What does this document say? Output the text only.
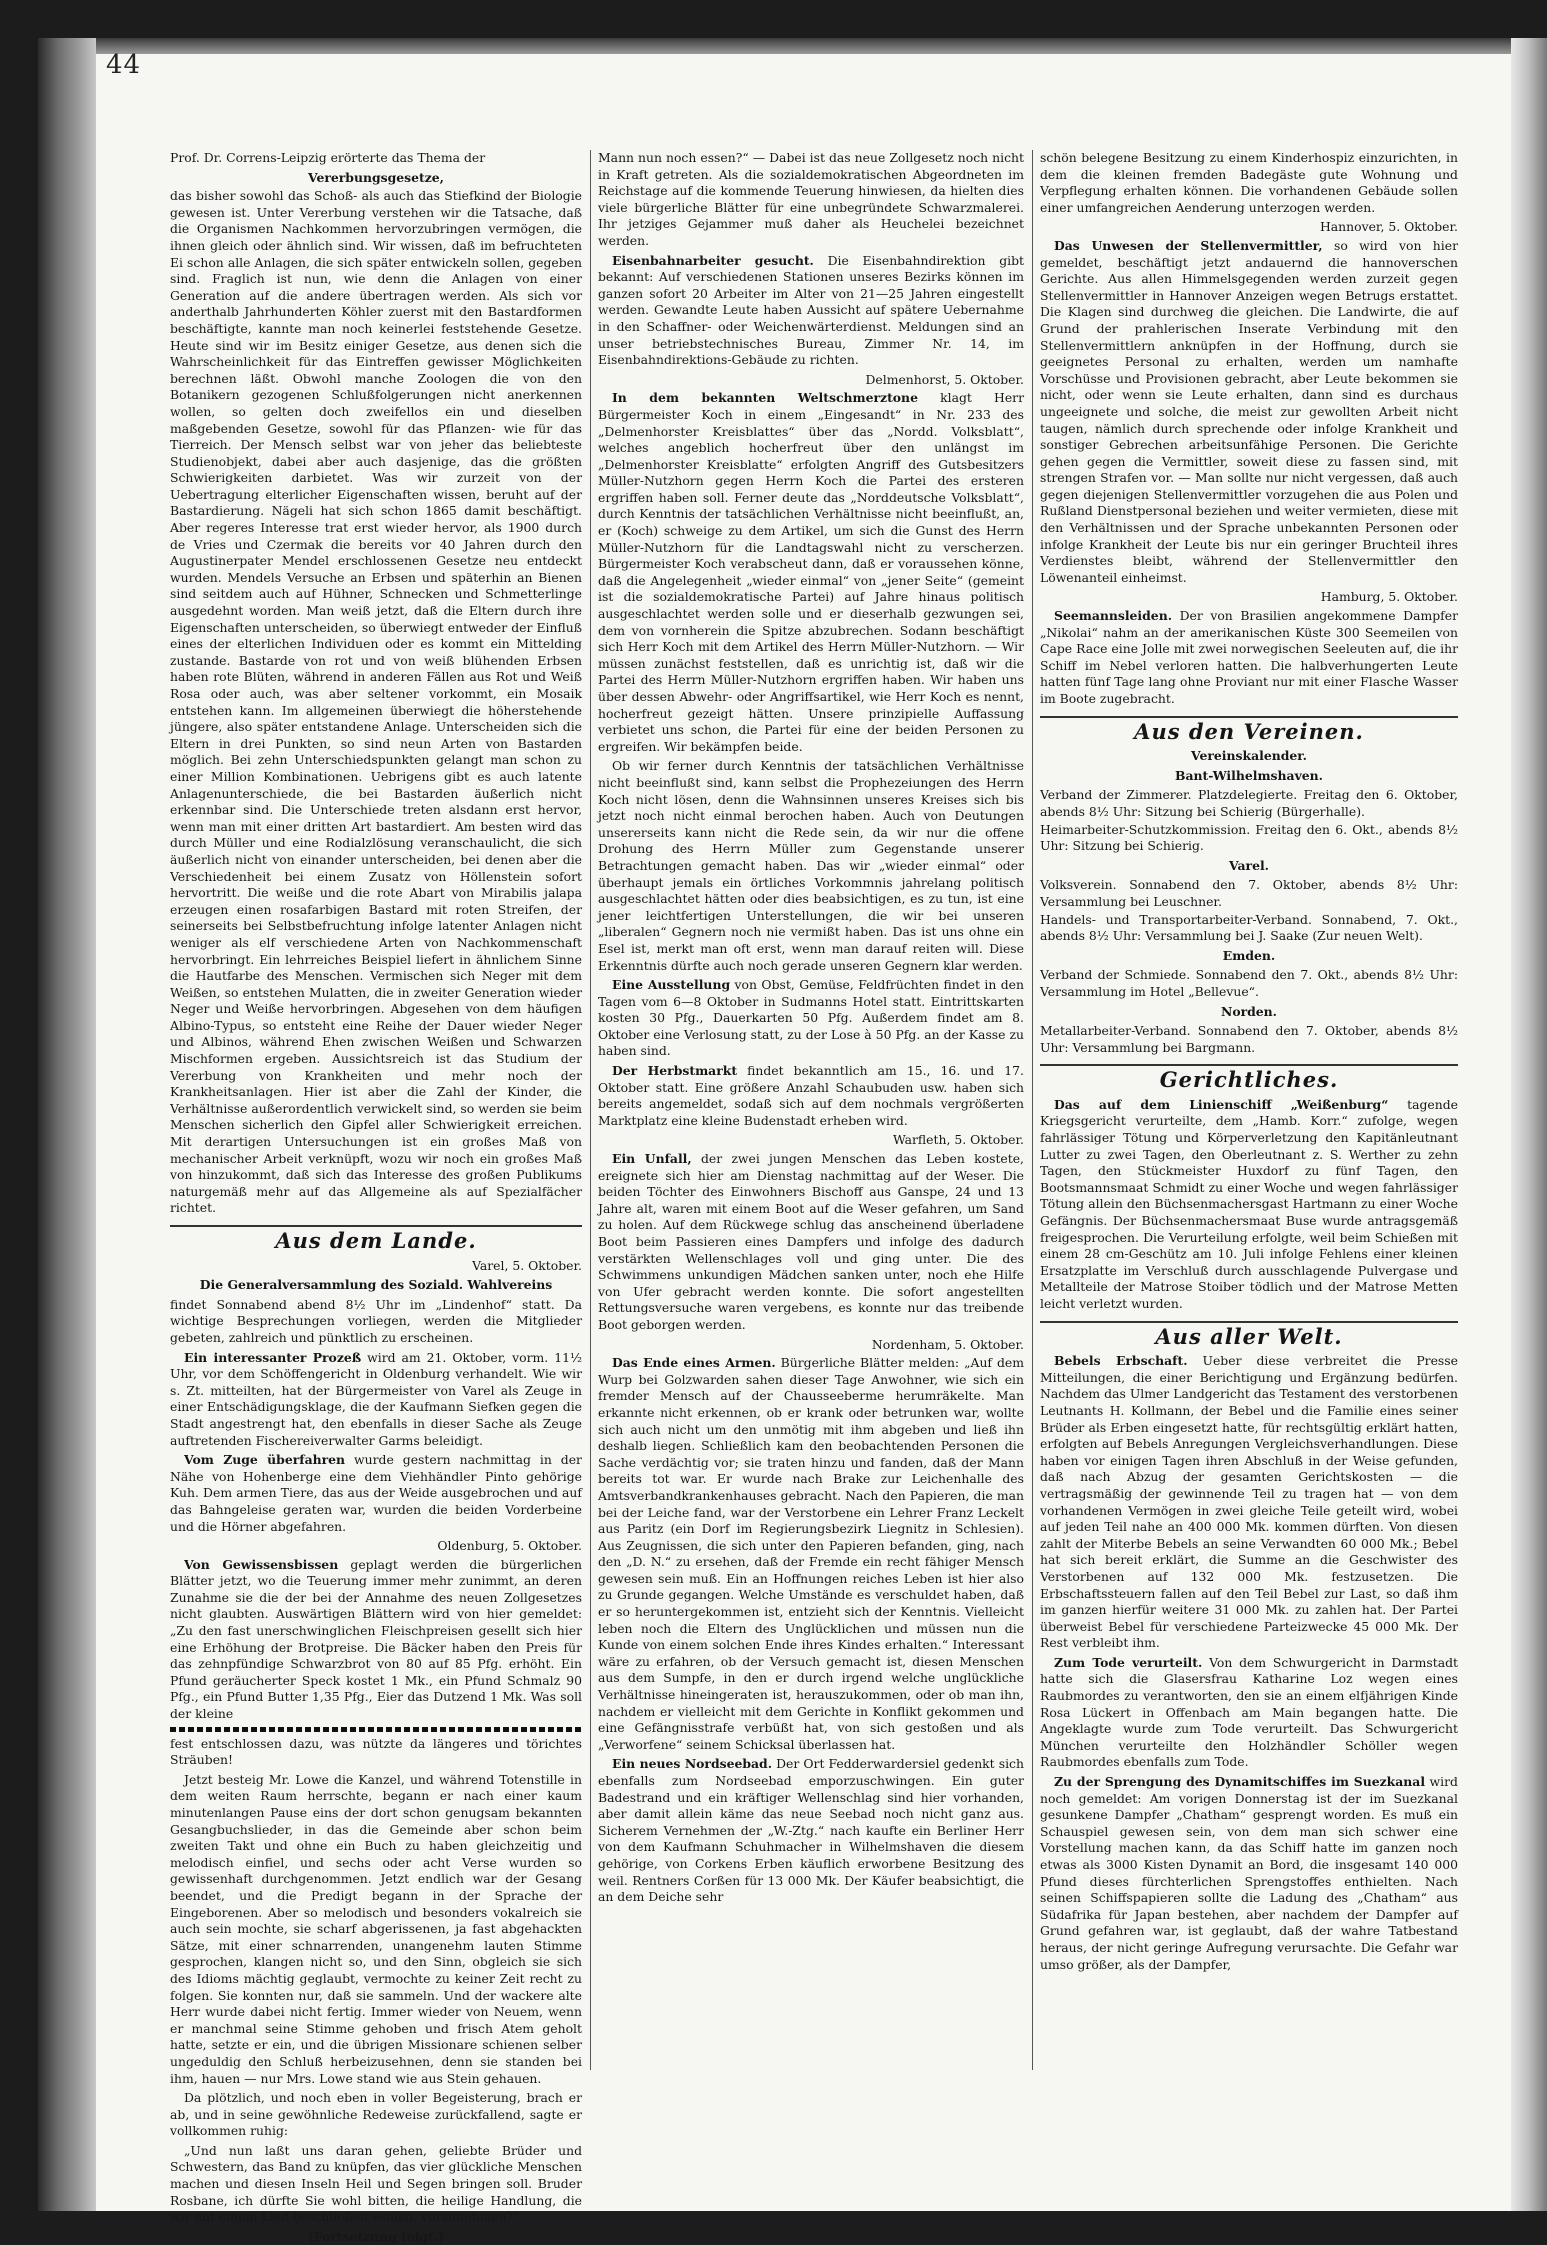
44

Prof. Dr. Correns-Leipzig erörterte das Thema der

Vererbungsgesetze,

das bisher sowohl das Schoß- als auch das Stiefkind der Biologie gewesen ist. Unter Vererbung verstehen wir die Tatsache, daß die Organismen Nachkommen hervorzubringen vermögen, die ihnen gleich oder ähnlich sind. Wir wissen, daß im befruchteten Ei schon alle Anlagen, die sich später entwickeln sollen, gegeben sind. Fraglich ist nun, wie denn die Anlagen von einer Generation auf die andere übertragen werden. Als sich vor anderthalb Jahrhunderten Köhler zuerst mit den Bastardformen beschäftigte, kannte man noch keinerlei feststehende Gesetze. Heute sind wir im Besitz einiger Gesetze, aus denen sich die Wahrscheinlichkeit für das Eintreffen gewisser Möglichkeiten berechnen läßt. Obwohl manche Zoologen die von den Botanikern gezogenen Schlußfolgerungen nicht anerkennen wollen, so gelten doch zweifellos ein und dieselben maßgebenden Gesetze, sowohl für das Pflanzen- wie für das Tierreich. Der Mensch selbst war von jeher das beliebteste Studienobjekt, dabei aber auch dasjenige, das die größten Schwierigkeiten darbietet. Was wir zurzeit von der Uebertragung elterlicher Eigenschaften wissen, beruht auf der Bastardierung. Nägeli hat sich schon 1865 damit beschäftigt. Aber regeres Interesse trat erst wieder hervor, als 1900 durch de Vries und Czermak die bereits vor 40 Jahren durch den Augustinerpater Mendel erschlossenen Gesetze neu entdeckt wurden. Mendels Versuche an Erbsen und späterhin an Bienen sind seitdem auch auf Hühner, Schnecken und Schmetterlinge ausgedehnt worden. Man weiß jetzt, daß die Eltern durch ihre Eigenschaften unterscheiden, so überwiegt entweder der Einfluß eines der elterlichen Individuen oder es kommt ein Mittelding zustande. Bastarde von rot und von weiß blühenden Erbsen haben rote Blüten, während in anderen Fällen aus Rot und Weiß Rosa oder auch, was aber seltener vorkommt, ein Mosaik entstehen kann. Im allgemeinen überwiegt die höherstehende jüngere, also später entstandene Anlage. Unterscheiden sich die Eltern in drei Punkten, so sind neun Arten von Bastarden möglich. Bei zehn Unterschiedspunkten gelangt man schon zu einer Million Kombinationen. Uebrigens gibt es auch latente Anlagenunterschiede, die bei Bastarden äußerlich nicht erkennbar sind. Die Unterschiede treten alsdann erst hervor, wenn man mit einer dritten Art bastardiert. Am besten wird das durch Müller und eine Rodialzlösung veranschaulicht, die sich äußerlich nicht von einander unterscheiden, bei denen aber die Verschiedenheit bei einem Zusatz von Höllenstein sofort hervortritt. Die weiße und die rote Abart von Mirabilis jalapa erzeugen einen rosafarbigen Bastard mit roten Streifen, der seinerseits bei Selbstbefruchtung infolge latenter Anlagen nicht weniger als elf verschiedene Arten von Nachkommenschaft hervorbringt. Ein lehrreiches Beispiel liefert in ähnlichem Sinne die Hautfarbe des Menschen. Vermischen sich Neger mit dem Weißen, so entstehen Mulatten, die in zweiter Generation wieder Neger und Weiße hervorbringen. Abgesehen von dem häufigen Albino-Typus, so entsteht eine Reihe der Dauer wieder Neger und Albinos, während Ehen zwischen Weißen und Schwarzen Mischformen ergeben. Aussichtsreich ist das Studium der Vererbung von Krankheiten und mehr noch der Krankheitsanlagen. Hier ist aber die Zahl der Kinder, die Verhältnisse außerordentlich verwickelt sind, so werden sie beim Menschen sicherlich den Gipfel aller Schwierigkeit erreichen. Mit derartigen Untersuchungen ist ein großes Maß von mechanischer Arbeit verknüpft, wozu wir noch ein großes Maß von hinzukommt, daß sich das Interesse des großen Publikums naturgemäß mehr auf das Allgemeine als auf Spezialfächer richtet.

Aus dem Lande.

Varel, 5. Oktober.

Die Generalversammlung des Soziald. Wahlvereins

findet Sonnabend abend 8½ Uhr im „Lindenhof“ statt. Da wichtige Besprechungen vorliegen, werden die Mitglieder gebeten, zahlreich und pünktlich zu erscheinen.

Ein interessanter Prozeß wird am 21. Oktober, vorm. 11½ Uhr, vor dem Schöffengericht in Oldenburg verhandelt. Wie wir s. Zt. mitteilten, hat der Bürgermeister von Varel als Zeuge in einer Entschädigungsklage, die der Kaufmann Siefken gegen die Stadt angestrengt hat, den ebenfalls in dieser Sache als Zeuge auftretenden Fischereiverwalter Garms beleidigt.

Vom Zuge überfahren wurde gestern nachmittag in der Nähe von Hohenberge eine dem Viehhändler Pinto gehörige Kuh. Dem armen Tiere, das aus der Weide ausgebrochen und auf das Bahngeleise geraten war, wurden die beiden Vorderbeine und die Hörner abgefahren.

Oldenburg, 5. Oktober.

Von Gewissensbissen geplagt werden die bürgerlichen Blätter jetzt, wo die Teuerung immer mehr zunimmt, an deren Zunahme sie die der bei der Annahme des neuen Zollgesetzes nicht glaubten. Auswärtigen Blättern wird von hier gemeldet: „Zu den fast unerschwinglichen Fleischpreisen gesellt sich hier eine Erhöhung der Brotpreise. Die Bäcker haben den Preis für das zehnpfündige Schwarzbrot von 80 auf 85 Pfg. erhöht. Ein Pfund geräucherter Speck kostet 1 Mk., ein Pfund Schmalz 90 Pfg., ein Pfund Butter 1,35 Pfg., Eier das Dutzend 1 Mk. Was soll der kleine

fest entschlossen dazu, was nützte da längeres und törichtes Sträuben!

Jetzt besteig Mr. Lowe die Kanzel, und während Totenstille in dem weiten Raum herrschte, begann er nach einer kaum minutenlangen Pause eins der dort schon genugsam bekannten Gesangbuchslieder, in das die Gemeinde aber schon beim zweiten Takt und ohne ein Buch zu haben gleichzeitig und melodisch einfiel, und sechs oder acht Verse wurden so gewissenhaft durchgenommen. Jetzt endlich war der Gesang beendet, und die Predigt begann in der Sprache der Eingeborenen. Aber so melodisch und besonders vokalreich sie auch sein mochte, sie scharf abgerissenen, ja fast abgehackten Sätze, mit einer schnarrenden, unangenehm lauten Stimme gesprochen, klangen nicht so, und den Sinn, obgleich sie sich des Idioms mächtig geglaubt, vermochte zu keiner Zeit recht zu folgen. Sie konnten nur, daß sie sammeln. Und der wackere alte Herr wurde dabei nicht fertig. Immer wieder von Neuem, wenn er manchmal seine Stimme gehoben und frisch Atem geholt hatte, setzte er ein, und die übrigen Missionare schienen selber ungeduldig den Schluß herbeizusehnen, denn sie standen bei ihm, hauen — nur Mrs. Lowe stand wie aus Stein gehauen.

Da plötzlich, und noch eben in voller Begeisterung, brach er ab, und in seine gewöhnliche Redeweise zurückfallend, sagte er vollkommen ruhig:

„Und nun laßt uns daran gehen, geliebte Brüder und Schwestern, das Band zu knüpfen, das vier glückliche Menschen machen und diesen Inseln Heil und Segen bringen soll. Bruder Rosbane, ich dürfte Sie wohl bitten, die heilige Handlung, die wir mit einem Lied beschließen wollen, vorzunehmen?“

(Fortsetzung folgt.)

Mann nun noch essen?“ — Dabei ist das neue Zollgesetz noch nicht in Kraft getreten. Als die sozialdemokratischen Abgeordneten im Reichstage auf die kommende Teuerung hinwiesen, da hielten dies viele bürgerliche Blätter für eine unbegründete Schwarzmalerei. Ihr jetziges Gejammer muß daher als Heuchelei bezeichnet werden.

Eisenbahnarbeiter gesucht. Die Eisenbahndirektion gibt bekannt: Auf verschiedenen Stationen unseres Bezirks können im ganzen sofort 20 Arbeiter im Alter von 21—25 Jahren eingestellt werden. Gewandte Leute haben Aussicht auf spätere Uebernahme in den Schaffner- oder Weichenwärterdienst. Meldungen sind an unser betriebstechnisches Bureau, Zimmer Nr. 14, im Eisenbahndirektions-Gebäude zu richten.

Delmenhorst, 5. Oktober.

In dem bekannten Weltschmerztone klagt Herr Bürgermeister Koch in einem „Eingesandt“ in Nr. 233 des „Delmenhorster Kreisblattes“ über das „Nordd. Volksblatt“, welches angeblich hocherfreut über den unlängst im „Delmenhorster Kreisblatte“ erfolgten Angriff des Gutsbesitzers Müller-Nutzhorn gegen Herrn Koch die Partei des ersteren ergriffen haben soll. Ferner deute das „Norddeutsche Volksblatt“, durch Kenntnis der tatsächlichen Verhältnisse nicht beeinflußt, an, er (Koch) schweige zu dem Artikel, um sich die Gunst des Herrn Müller-Nutzhorn für die Landtagswahl nicht zu verscherzen. Bürgermeister Koch verabscheut dann, daß er voraussehen könne, daß die Angelegenheit „wieder einmal“ von „jener Seite“ (gemeint ist die sozialdemokratische Partei) auf Jahre hinaus politisch ausgeschlachtet werden solle und er dieserhalb gezwungen sei, dem von vornherein die Spitze abzubrechen. Sodann beschäftigt sich Herr Koch mit dem Artikel des Herrn Müller-Nutzhorn. — Wir müssen zunächst feststellen, daß es unrichtig ist, daß wir die Partei des Herrn Müller-Nutzhorn ergriffen haben. Wir haben uns über dessen Abwehr- oder Angriffsartikel, wie Herr Koch es nennt, hocherfreut gezeigt hätten. Unsere prinzipielle Auffassung verbietet uns schon, die Partei für eine der beiden Personen zu ergreifen. Wir bekämpfen beide.

Ob wir ferner durch Kenntnis der tatsächlichen Verhältnisse nicht beeinflußt sind, kann selbst die Prophezeiungen des Herrn Koch nicht lösen, denn die Wahnsinnen unseres Kreises sich bis jetzt noch nicht einmal berochen haben. Auch von Deutungen unsererseits kann nicht die Rede sein, da wir nur die offene Drohung des Herrn Müller zum Gegenstande unserer Betrachtungen gemacht haben. Das wir „wieder einmal“ oder überhaupt jemals ein örtliches Vorkommnis jahrelang politisch ausgeschlachtet hätten oder dies beabsichtigen, es zu tun, ist eine jener leichtfertigen Unterstellungen, die wir bei unseren „liberalen“ Gegnern noch nie vermißt haben. Das ist uns ohne ein Esel ist, merkt man oft erst, wenn man darauf reiten will. Diese Erkenntnis dürfte auch noch gerade unseren Gegnern klar werden.

Eine Ausstellung von Obst, Gemüse, Feldfrüchten findet in den Tagen vom 6—8 Oktober in Sudmanns Hotel statt. Eintrittskarten kosten 30 Pfg., Dauerkarten 50 Pfg. Außerdem findet am 8. Oktober eine Verlosung statt, zu der Lose à 50 Pfg. an der Kasse zu haben sind.

Der Herbstmarkt findet bekanntlich am 15., 16. und 17. Oktober statt. Eine größere Anzahl Schaubuden usw. haben sich bereits angemeldet, sodaß sich auf dem nochmals vergrößerten Marktplatz eine kleine Budenstadt erheben wird.

Warfleth, 5. Oktober.

Ein Unfall, der zwei jungen Menschen das Leben kostete, ereignete sich hier am Dienstag nachmittag auf der Weser. Die beiden Töchter des Einwohners Bischoff aus Ganspe, 24 und 13 Jahre alt, waren mit einem Boot auf die Weser gefahren, um Sand zu holen. Auf dem Rückwege schlug das anscheinend überladene Boot beim Passieren eines Dampfers und infolge des dadurch verstärkten Wellenschlages voll und ging unter. Die des Schwimmens unkundigen Mädchen sanken unter, noch ehe Hilfe von Ufer gebracht werden konnte. Die sofort angestellten Rettungsversuche waren vergebens, es konnte nur das treibende Boot geborgen werden.

Nordenham, 5. Oktober.

Das Ende eines Armen. Bürgerliche Blätter melden: „Auf dem Wurp bei Golzwarden sahen dieser Tage Anwohner, wie sich ein fremder Mensch auf der Chausseeberme herumräkelte. Man erkannte nicht erkennen, ob er krank oder betrunken war, wollte sich auch nicht um den unmötig mit ihm abgeben und ließ ihn deshalb liegen. Schließlich kam den beobachtenden Personen die Sache verdächtig vor; sie traten hinzu und fanden, daß der Mann bereits tot war. Er wurde nach Brake zur Leichenhalle des Amtsverbandkrankenhauses gebracht. Nach den Papieren, die man bei der Leiche fand, war der Verstorbene ein Lehrer Franz Leckelt aus Paritz (ein Dorf im Regierungsbezirk Liegnitz in Schlesien). Aus Zeugnissen, die sich unter den Papieren befanden, ging, nach den „D. N.“ zu ersehen, daß der Fremde ein recht fähiger Mensch gewesen sein muß. Ein an Hoffnungen reiches Leben ist hier also zu Grunde gegangen. Welche Umstände es verschuldet haben, daß er so heruntergekommen ist, entzieht sich der Kenntnis. Vielleicht leben noch die Eltern des Unglücklichen und müssen nun die Kunde von einem solchen Ende ihres Kindes erhalten.“ Interessant wäre zu erfahren, ob der Versuch gemacht ist, diesen Menschen aus dem Sumpfe, in den er durch irgend welche unglückliche Verhältnisse hineingeraten ist, herauszukommen, oder ob man ihn, nachdem er vielleicht mit dem Gerichte in Konflikt gekommen und eine Gefängnisstrafe verbüßt hat, von sich gestoßen und als „Verworfene“ seinem Schicksal überlassen hat.

Ein neues Nordseebad. Der Ort Fedderwardersiel gedenkt sich ebenfalls zum Nordseebad emporzuschwingen. Ein guter Badestrand und ein kräftiger Wellenschlag sind hier vorhanden, aber damit allein käme das neue Seebad noch nicht ganz aus. Sicherem Vernehmen der „W.-Ztg.“ nach kaufte ein Berliner Herr von dem Kaufmann Schuhmacher in Wilhelmshaven die diesem gehörige, von Corkens Erben käuflich erworbene Besitzung des weil. Rentners Corßen für 13 000 Mk. Der Käufer beabsichtigt, die an dem Deiche sehr

schön belegene Besitzung zu einem Kinderhospiz einzurichten, in dem die kleinen fremden Badegäste gute Wohnung und Verpflegung erhalten können. Die vorhandenen Gebäude sollen einer umfangreichen Aenderung unterzogen werden.

Hannover, 5. Oktober.

Das Unwesen der Stellenvermittler, so wird von hier gemeldet, beschäftigt jetzt andauernd die hannoverschen Gerichte. Aus allen Himmelsgegenden werden zurzeit gegen Stellenvermittler in Hannover Anzeigen wegen Betrugs erstattet. Die Klagen sind durchweg die gleichen. Die Landwirte, die auf Grund der prahlerischen Inserate Verbindung mit den Stellenvermittlern anknüpfen in der Hoffnung, durch sie geeignetes Personal zu erhalten, werden um namhafte Vorschüsse und Provisionen gebracht, aber Leute bekommen sie nicht, oder wenn sie Leute erhalten, dann sind es durchaus ungeeignete und solche, die meist zur gewollten Arbeit nicht taugen, nämlich durch sprechende oder infolge Krankheit und sonstiger Gebrechen arbeitsunfähige Personen. Die Gerichte gehen gegen die Vermittler, soweit diese zu fassen sind, mit strengen Strafen vor. — Man sollte nur nicht vergessen, daß auch gegen diejenigen Stellenvermittler vorzugehen die aus Polen und Rußland Dienstpersonal beziehen und weiter vermieten, diese mit den Verhältnissen und der Sprache unbekannten Personen oder infolge Krankheit der Leute bis nur ein geringer Bruchteil ihres Verdienstes bleibt, während der Stellenvermittler den Löwenanteil einheimst.

Hamburg, 5. Oktober.

Seemannsleiden. Der von Brasilien angekommene Dampfer „Nikolai“ nahm an der amerikanischen Küste 300 Seemeilen von Cape Race eine Jolle mit zwei norwegischen Seeleuten auf, die ihr Schiff im Nebel verloren hatten. Die halbverhungerten Leute hatten fünf Tage lang ohne Proviant nur mit einer Flasche Wasser im Boote zugebracht.

Aus den Vereinen.

Vereinskalender.

Bant-Wilhelmshaven.

Verband der Zimmerer. Platzdelegierte. Freitag den 6. Oktober, abends 8½ Uhr: Sitzung bei Schierig (Bürgerhalle).

Heimarbeiter-Schutzkommission. Freitag den 6. Okt., abends 8½ Uhr: Sitzung bei Schierig.

Varel.

Volksverein. Sonnabend den 7. Oktober, abends 8½ Uhr: Versammlung bei Leuschner.

Handels- und Transportarbeiter-Verband. Sonnabend, 7. Okt., abends 8½ Uhr: Versammlung bei J. Saake (Zur neuen Welt).

Emden.

Verband der Schmiede. Sonnabend den 7. Okt., abends 8½ Uhr: Versammlung im Hotel „Bellevue“.

Norden.

Metallarbeiter-Verband. Sonnabend den 7. Oktober, abends 8½ Uhr: Versammlung bei Bargmann.

Gerichtliches.

Das auf dem Linienschiff „Weißenburg“ tagende Kriegsgericht verurteilte, dem „Hamb. Korr.“ zufolge, wegen fahrlässiger Tötung und Körperverletzung den Kapitänleutnant Lutter zu zwei Tagen, den Oberleutnant z. S. Werther zu zehn Tagen, den Stückmeister Huxdorf zu fünf Tagen, den Bootsmannsmaat Schmidt zu einer Woche und wegen fahrlässiger Tötung allein den Büchsenmachersgast Hartmann zu einer Woche Gefängnis. Der Büchsenmachersmaat Buse wurde antragsgemäß freigesprochen. Die Verurteilung erfolgte, weil beim Schießen mit einem 28 cm-Geschütz am 10. Juli infolge Fehlens einer kleinen Ersatzplatte im Verschluß durch ausschlagende Pulvergase und Metallteile der Matrose Stoiber tödlich und der Matrose Metten leicht verletzt wurden.

Aus aller Welt.

Bebels Erbschaft. Ueber diese verbreitet die Presse Mitteilungen, die einer Berichtigung und Ergänzung bedürfen. Nachdem das Ulmer Landgericht das Testament des verstorbenen Leutnants H. Kollmann, der Bebel und die Familie eines seiner Brüder als Erben eingesetzt hatte, für rechtsgültig erklärt hatten, erfolgten auf Bebels Anregungen Vergleichsverhandlungen. Diese haben vor einigen Tagen ihren Abschluß in der Weise gefunden, daß nach Abzug der gesamten Gerichtskosten — die vertragsmäßig der gewinnende Teil zu tragen hat — von dem vorhandenen Vermögen in zwei gleiche Teile geteilt wird, wobei auf jeden Teil nahe an 400 000 Mk. kommen dürften. Von diesen zahlt der Miterbe Bebels an seine Verwandten 60 000 Mk.; Bebel hat sich bereit erklärt, die Summe an die Geschwister des Verstorbenen auf 132 000 Mk. festzusetzen. Die Erbschaftssteuern fallen auf den Teil Bebel zur Last, so daß ihm im ganzen hierfür weitere 31 000 Mk. zu zahlen hat. Der Partei überweist Bebel für verschiedene Parteizwecke 45 000 Mk. Der Rest verbleibt ihm.

Zum Tode verurteilt. Von dem Schwurgericht in Darmstadt hatte sich die Glasersfrau Katharine Loz wegen eines Raubmordes zu verantworten, den sie an einem elfjährigen Kinde Rosa Lückert in Offenbach am Main begangen hatte. Die Angeklagte wurde zum Tode verurteilt. Das Schwurgericht München verurteilte den Holzhändler Schöller wegen Raubmordes ebenfalls zum Tode.

Zu der Sprengung des Dynamitschiffes im Suezkanal wird noch gemeldet: Am vorigen Donnerstag ist der im Suezkanal gesunkene Dampfer „Chatham“ gesprengt worden. Es muß ein Schauspiel gewesen sein, von dem man sich schwer eine Vorstellung machen kann, da das Schiff hatte im ganzen noch etwas als 3000 Kisten Dynamit an Bord, die insgesamt 140 000 Pfund dieses fürchterlichen Sprengstoffes enthielten. Nach seinen Schiffspapieren sollte die Ladung des „Chatham“ aus Südafrika für Japan bestehen, aber nachdem der Dampfer auf Grund gefahren war, ist geglaubt, daß der wahre Tatbestand heraus, der nicht geringe Aufregung verursachte. Die Gefahr war umso größer, als der Dampfer,
